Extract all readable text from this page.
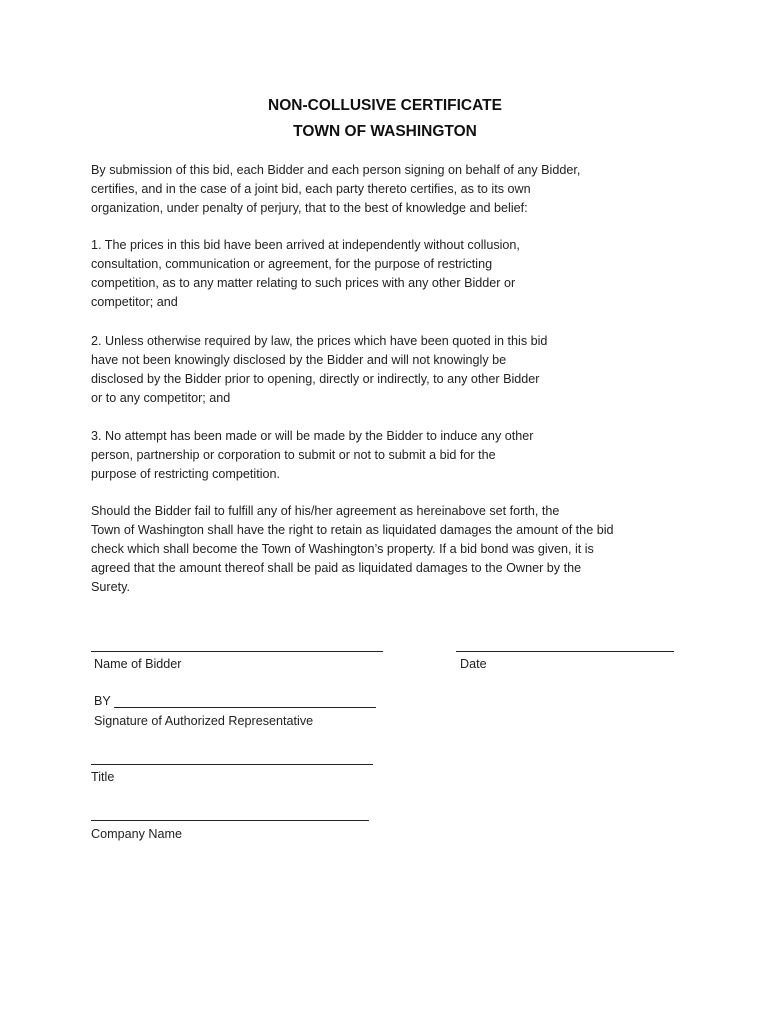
NON-COLLUSIVE CERTIFICATE
TOWN OF WASHINGTON

By submission of this bid, each Bidder and each person signing on behalf of any Bidder,
certifies, and in the case of a joint bid, each party thereto certifies, as to its own
organization, under penalty of perjury, that to the best of knowledge and belief:

1. The prices in this bid have been arrived at independently without collusion,
consultation, communication or agreement, for the purpose of restricting
competition, as to any matter relating to such prices with any other Bidder or
competitor; and

2. Unless otherwise required by law, the prices which have been quoted in this bid
have not been knowingly disclosed by the Bidder and will not knowingly be
disclosed by the Bidder prior to opening, directly or indirectly, to any other Bidder
or to any competitor; and

3. No attempt has been made or will be made by the Bidder to induce any other
person, partnership or corporation to submit or not to submit a bid for the
purpose of restricting competition.

Should the Bidder fail to fulfill any of his/her agreement as hereinabove set forth, the
Town of Washington shall have the right to retain as liquidated damages the amount of the bid
check which shall become the Town of Washington’s property. If a bid bond was given, it is
agreed that the amount thereof shall be paid as liquidated damages to the Owner by the
Surety.

Name of Bidder	Date
BY
Signature of Authorized Representative
Title
Company Name
